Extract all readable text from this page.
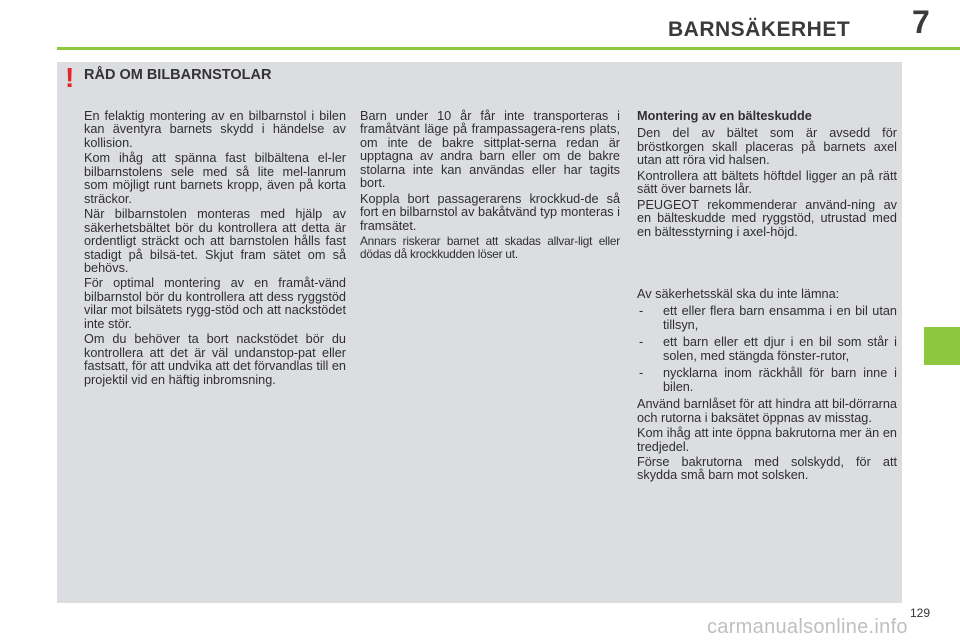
BARNSÄKERHET 7
! RÅD OM BILBARNSTOLAR

En felaktig montering av en bilbarnstol i bilen kan äventyra barnets skydd i händelse av kollision.

Kom ihåg att spänna fast bilbältena el-ler bilbarnstolens sele med så lite mel-lanrum som möjligt runt barnets kropp, även på korta sträckor.

När bilbarnstolen monteras med hjälp av säkerhetsbältet bör du kontrollera att detta är ordentligt sträckt och att barnstolen hålls fast stadigt på bilsä-tet. Skjut fram sätet om så behövs.

För optimal montering av en framåt-vänd bilbarnstol bör du kontrollera att dess ryggstöd vilar mot bilsätets rygg-stöd och att nackstödet inte stör.

Om du behöver ta bort nackstödet bör du kontrollera att det är väl undanstop-pat eller fastsatt, för att undvika att det förvandlas till en projektil vid en häftig inbromsning.

Barn under 10 år får inte transporteras i framåtvänt läge på frampassagera-rens plats, om inte de bakre sittplat-serna redan är upptagna av andra barn eller om de bakre stolarna inte kan användas eller har tagits bort.

Koppla bort passagerarens krockkud-de så fort en bilbarnstol av bakåtvänd typ monteras i framsätet.

Annars riskerar barnet att skadas allvar-ligt eller dödas då krockkudden löser ut.

Montering av en bälteskudde

Den del av bältet som är avsedd för bröstkorgen skall placeras på barnets axel utan att röra vid halsen.

Kontrollera att bältets höftdel ligger an på rätt sätt över barnets lår.

PEUGEOT rekommenderar använd-ning av en bälteskudde med ryggstöd, utrustad med en bältesstyrning i axel-höjd.

Av säkerhetsskäl ska du inte lämna:

- ett eller flera barn ensamma i en bil utan tillsyn,
- ett barn eller ett djur i en bil som står i solen, med stängda fönster-rutor,
- nycklarna inom räckhåll för barn inne i bilen.

Använd barnlåset för att hindra att bil-dörrarna och rutorna i baksätet öppnas av misstag.

Kom ihåg att inte öppna bakrutorna mer än en tredjedel.

Förse bakrutorna med solskydd, för att skydda små barn mot solsken.

129
carmanualsonline.info
